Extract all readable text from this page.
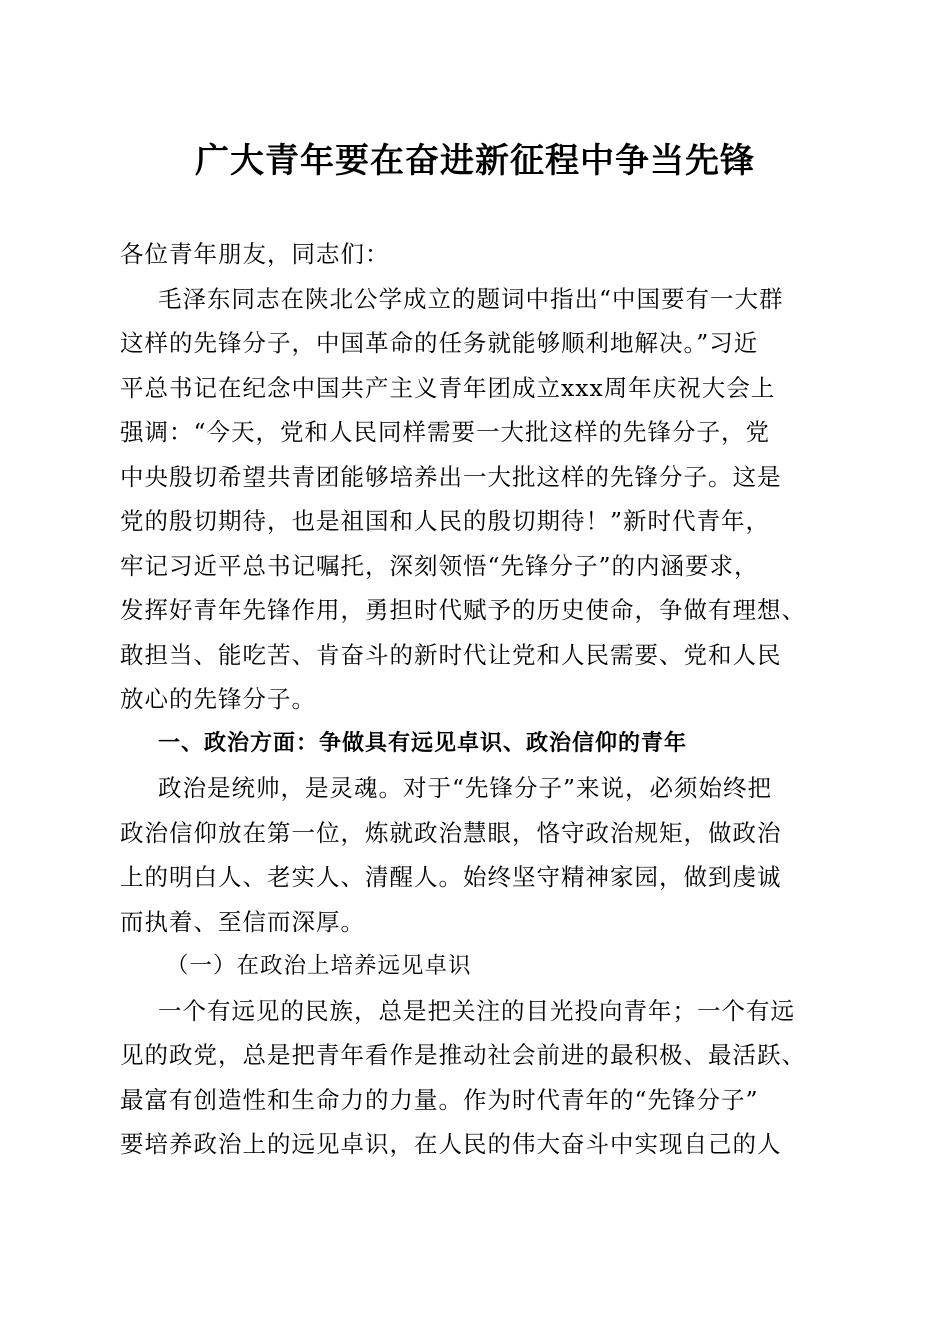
广大青年要在奋进新征程中争当先锋
各位青年朋友，同志们：
毛泽东同志在陕北公学成立的题词中指出“中国要有一大群
这样的先锋分子，中国革命的任务就能够顺利地解决。”习近
平总书记在纪念中国共产主义青年团成立xxx周年庆祝大会上
强调：“今天，党和人民同样需要一大批这样的先锋分子，党
中央殷切希望共青团能够培养出一大批这样的先锋分子。这是
党的殷切期待，也是祖国和人民的殷切期待！”新时代青年，
牢记习近平总书记嘱托，深刻领悟“先锋分子”的内涵要求，
发挥好青年先锋作用，勇担时代赋予的历史使命，争做有理想、
敢担当、能吃苦、肯奋斗的新时代让党和人民需要、党和人民
放心的先锋分子。
一、政治方面：争做具有远见卓识、政治信仰的青年
政治是统帅，是灵魂。对于“先锋分子”来说，必须始终把
政治信仰放在第一位，炼就政治慧眼，恪守政治规矩，做政治
上的明白人、老实人、清醒人。始终坚守精神家园，做到虔诚
而执着、至信而深厚。
（一）在政治上培养远见卓识
一个有远见的民族，总是把关注的目光投向青年；一个有远
见的政党，总是把青年看作是推动社会前进的最积极、最活跃、
最富有创造性和生命力的力量。作为时代青年的“先锋分子”
要培养政治上的远见卓识，在人民的伟大奋斗中实现自己的人
